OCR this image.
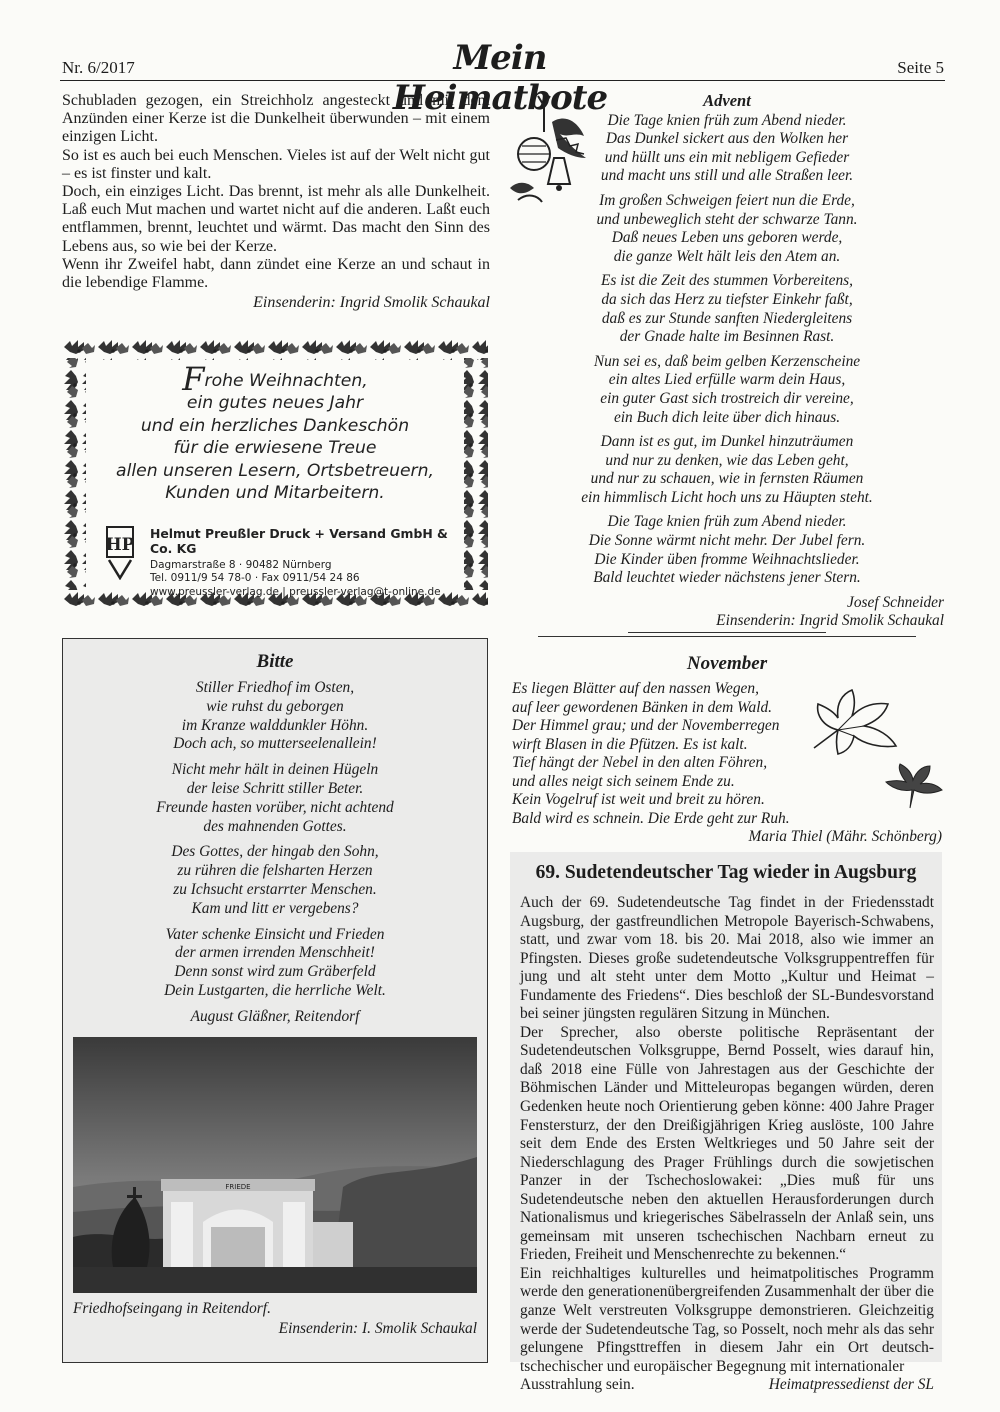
Nr. 6/2017	Mein Heimatbote
Seite 5

Schubladen gezogen, ein Streichholz angesteckt und mit dem Anzünden einer Kerze ist die Dunkelheit überwunden – mit einem einzigen Licht.

So ist es auch bei euch Menschen. Vieles ist auf der Welt nicht gut – es ist finster und kalt.

Doch, ein einziges Licht. Das brennt, ist mehr als alle Dunkelheit. Laß euch Mut machen und wartet nicht auf die anderen. Laßt euch entflammen, brennt, leuchtet und wärmt. Das macht den Sinn des Lebens aus, so wie bei der Kerze.

Wenn ihr Zweifel habt, dann zündet eine Kerze an und schaut in die lebendige Flamme.

Einsenderin: Ingrid Smolik Schaukal

Frohe Weihnachten,
ein gutes neues Jahr
und ein herzliches Dankeschön
für die erwiesene Treue
allen unseren Lesern, Ortsbetreuern,
Kunden und Mitarbeitern.
HP
Helmut Preußler Druck + Versand GmbH & Co. KG
Dagmarstraße 8 · 90482 Nürnberg
Tel. 0911/9 54 78-0 · Fax 0911/54 24 86
www.preussler-verlag.de | preussler-verlag@t-online.de
Bitte
Stiller Friedhof im Osten,
wie ruhst du geborgen
im Kranze walddunkler Höhn.
Doch ach, so mutterseelenallein!
Nicht mehr hält in deinen Hügeln
der leise Schritt stiller Beter.
Freunde hasten vorüber, nicht achtend
des mahnenden Gottes.
Des Gottes, der hingab den Sohn,
zu rühren die felsharten Herzen
zu Ichsucht erstarrter Menschen.
Kam und litt er vergebens?
Vater schenke Einsicht und Frieden
der armen irrenden Menschheit!
Denn sonst wird zum Gräberfeld
Dein Lustgarten, die herrliche Welt.
August Gläßner, Reitendorf
FRIEDE
Friedhofseingang in Reitendorf.
Einsenderin: I. Smolik Schaukal
Advent
Die Tage knien früh zum Abend nieder.
Das Dunkel sickert aus den Wolken her
und hüllt uns ein mit nebligem Gefieder
und macht uns still und alle Straßen leer.
Im großen Schweigen feiert nun die Erde,
und unbeweglich steht der schwarze Tann.
Daß neues Leben uns geboren werde,
die ganze Welt hält leis den Atem an.
Es ist die Zeit des stummen Vorbereitens,
da sich das Herz zu tiefster Einkehr faßt,
daß es zur Stunde sanften Niedergleitens
der Gnade halte im Besinnen Rast.
Nun sei es, daß beim gelben Kerzenscheine
ein altes Lied erfülle warm dein Haus,
ein guter Gast sich trostreich dir vereine,
ein Buch dich leite über dich hinaus.
Dann ist es gut, im Dunkel hinzuträumen
und nur zu denken, wie das Leben geht,
und nur zu schauen, wie in fernsten Räumen
ein himmlisch Licht hoch uns zu Häupten steht.
Die Tage knien früh zum Abend nieder.
Die Sonne wärmt nicht mehr. Der Jubel fern.
Die Kinder üben fromme Weihnachtslieder.
Bald leuchtet wieder nächstens jener Stern.
Josef Schneider
Einsenderin: Ingrid Smolik Schaukal
November
Es liegen Blätter auf den nassen Wegen,
auf leer gewordenen Bänken in dem Wald.
Der Himmel grau; und der Novemberregen
wirft Blasen in die Pfützen. Es ist kalt.
Tief hängt der Nebel in den alten Föhren,
und alles neigt sich seinem Ende zu.
Kein Vogelruf ist weit und breit zu hören.
Bald wird es schnein. Die Erde geht zur Ruh.
Maria Thiel (Mähr. Schönberg)
69. Sudetendeutscher Tag wieder in Augsburg

Auch der 69. Sudetendeutsche Tag findet in der Friedensstadt Augsburg, der gastfreundlichen Metropole Bayerisch-Schwabens, statt, und zwar vom 18. bis 20. Mai 2018, also wie immer an Pfingsten. Dieses große sudetendeutsche Volksgruppentreffen für jung und alt steht unter dem Motto „Kultur und Heimat – Fundamente des Friedens“. Dies beschloß der SL-Bundesvorstand bei seiner jüngsten regulären Sitzung in München.

Der Sprecher, also oberste politische Repräsentant der Sudetendeutschen Volksgruppe, Bernd Posselt, wies darauf hin, daß 2018 eine Fülle von Jahrestagen aus der Geschichte der Böhmischen Länder und Mitteleuropas begangen würden, deren Gedenken heute noch Orientierung geben könne: 400 Jahre Prager Fenstersturz, der den Dreißigjährigen Krieg auslöste, 100 Jahre seit dem Ende des Ersten Weltkrieges und 50 Jahre seit der Niederschlagung des Prager Frühlings durch die sowjetischen Panzer in der Tschechoslowakei: „Dies muß für uns Sudetendeutsche neben den aktuellen Herausforderungen durch Nationalismus und kriegerisches Säbelrasseln der Anlaß sein, uns gemeinsam mit unseren tschechischen Nachbarn erneut zu Frieden, Freiheit und Menschenrechte zu bekennen.“

Ein reichhaltiges kulturelles und heimatpolitisches Programm werde den generationenübergreifenden Zusammenhalt der über die ganze Welt verstreuten Volksgruppe demonstrieren. Gleichzeitig werde der Sudetendeutsche Tag, so Posselt, noch mehr als das sehr gelungene Pfingsttreffen in diesem Jahr ein Ort deutsch-tschechischer und europäischer Begegnung mit internationaler

Ausstrahlung sein.	Heimatpressedienst der SL
